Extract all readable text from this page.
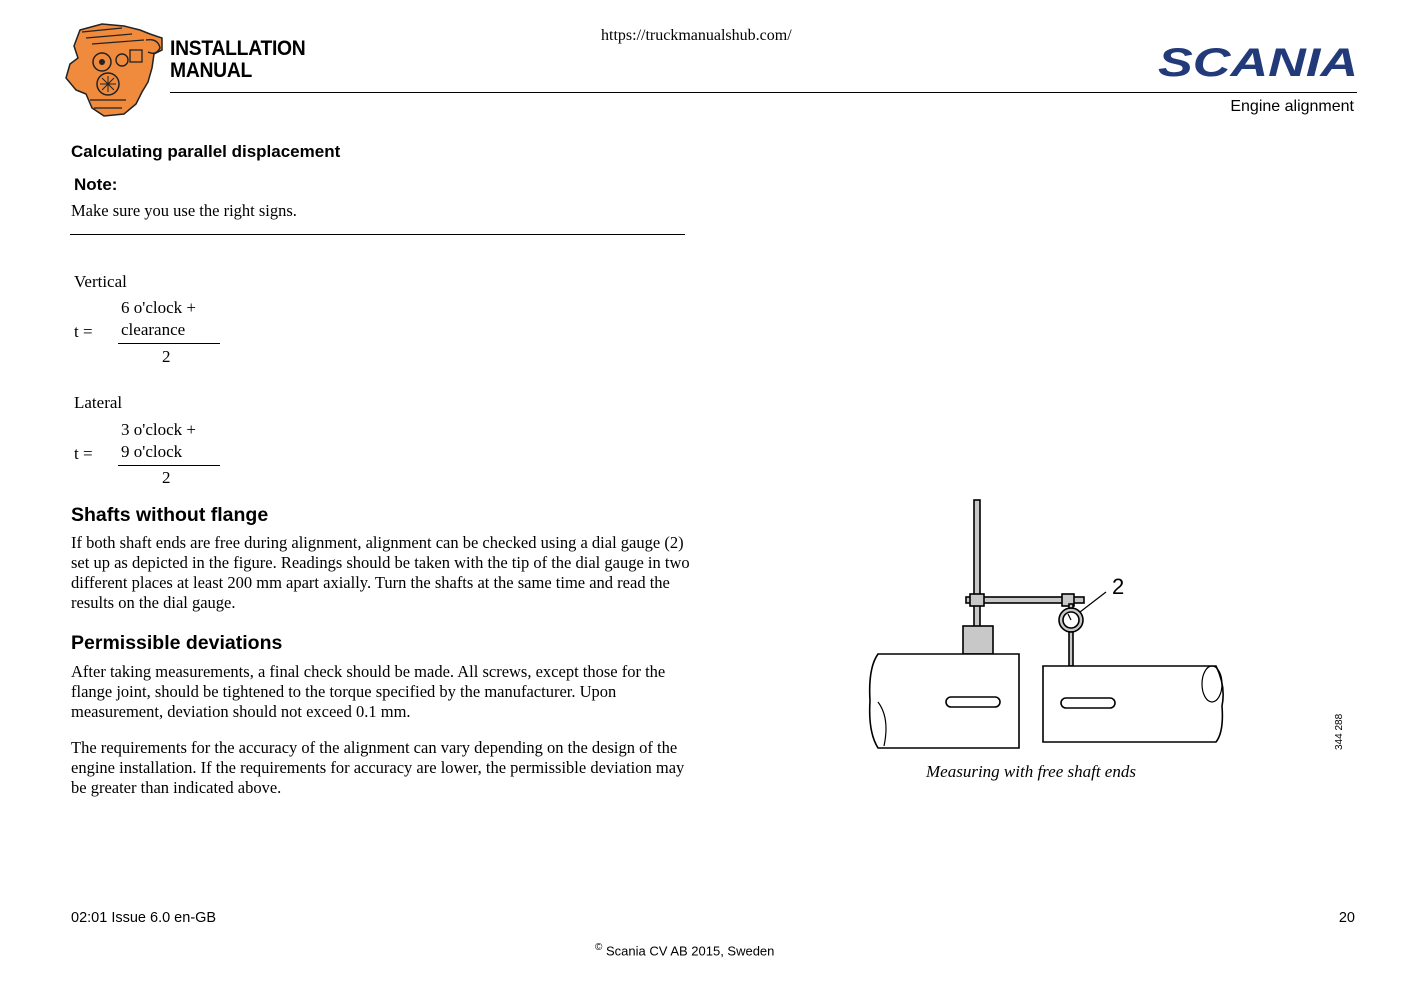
INSTALLATION
MANUAL
https://truckmanualshub.com/
SCANIA
Engine alignment
Calculating parallel displacement
Note:
Make sure you use the right signs.
Vertical
t =
6 o'clock +
clearance
2
Lateral
t =
3 o'clock +
9 o'clock
2
Shafts without flange
If both shaft ends are free during alignment, alignment can be checked using a dial gauge (2) set up as depicted in the figure. Readings should be taken with the tip of the dial gauge in two different places at least 200 mm apart axially. Turn the shafts at the same time and read the results on the dial gauge.
Permissible deviations
After taking measurements, a final check should be made. All screws, except those for the flange joint, should be tightened to the torque specified by the manufacturer. Upon measurement, deviation should not exceed 0.1 mm.
The requirements for the accuracy of the alignment can vary depending on the design of the engine installation. If the requirements for accuracy are lower, the permissible deviation may be greater than indicated above.
2
Measuring with free shaft ends
344 288
02:01 Issue 6.0 en-GB	20
© Scania CV AB 2015, Sweden
